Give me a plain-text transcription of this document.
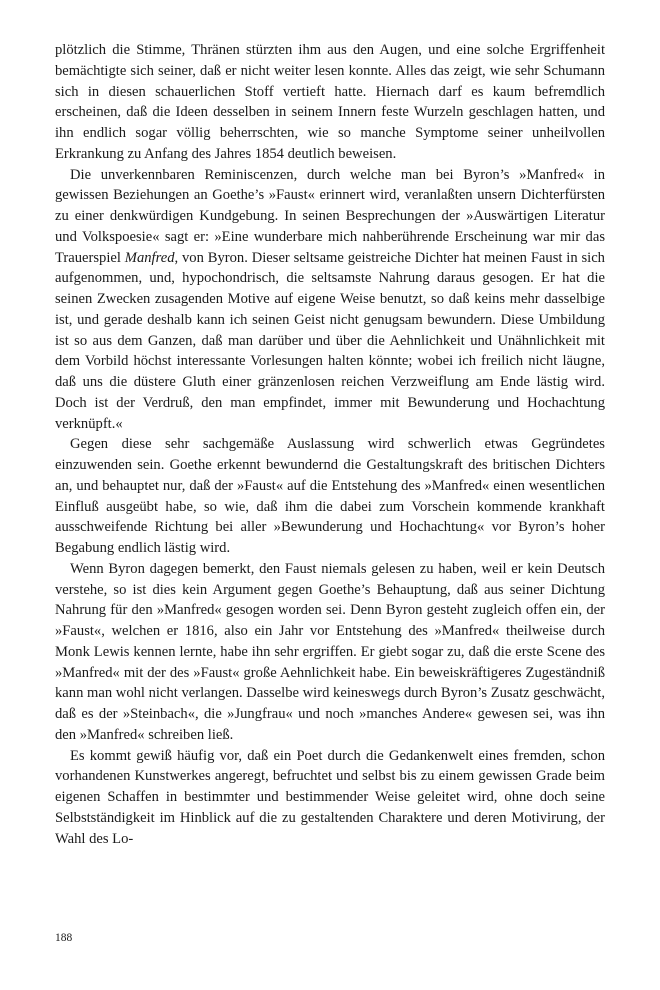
plötzlich die Stimme, Thränen stürzten ihm aus den Augen, und eine solche Ergriffenheit bemächtigte sich seiner, daß er nicht weiter lesen konnte. Alles das zeigt, wie sehr Schumann sich in diesen schauerlichen Stoff vertieft hatte. Hiernach darf es kaum befremdlich erscheinen, daß die Ideen desselben in seinem Innern feste Wurzeln geschlagen hatten, und ihn endlich sogar völlig beherrschten, wie so manche Symptome seiner unheilvollen Erkrankung zu Anfang des Jahres 1854 deutlich beweisen.

Die unverkennbaren Reminiscenzen, durch welche man bei Byron’s »Manfred« in gewissen Beziehungen an Goethe’s »Faust« erinnert wird, veranlaßten unsern Dichterfürsten zu einer denkwürdigen Kundgebung. In seinen Besprechungen der »Auswärtigen Literatur und Volkspoesie« sagt er: »Eine wunderbare mich nahberührende Erscheinung war mir das Trauerspiel Manfred, von Byron. Dieser seltsame geistreiche Dichter hat meinen Faust in sich aufgenommen, und, hypochondrisch, die seltsamste Nahrung daraus gesogen. Er hat die seinen Zwecken zusagenden Motive auf eigene Weise benutzt, so daß keins mehr dasselbige ist, und gerade deshalb kann ich seinen Geist nicht genugsam bewundern. Diese Umbildung ist so aus dem Ganzen, daß man darüber und über die Aehnlichkeit und Unähnlichkeit mit dem Vorbild höchst interessante Vorlesungen halten könnte; wobei ich freilich nicht läugne, daß uns die düstere Gluth einer gränzenlosen reichen Verzweiflung am Ende lästig wird. Doch ist der Verdruß, den man empfindet, immer mit Bewunderung und Hochachtung verknüpft.«

Gegen diese sehr sachgemäße Auslassung wird schwerlich etwas Gegründetes einzuwenden sein. Goethe erkennt bewundernd die Gestaltungskraft des britischen Dichters an, und behauptet nur, daß der »Faust« auf die Entstehung des »Manfred« einen wesentlichen Einfluß ausgeübt habe, so wie, daß ihm die dabei zum Vorschein kommende krankhaft ausschweifende Richtung bei aller »Bewunderung und Hochachtung« vor Byron’s hoher Begabung endlich lästig wird.

Wenn Byron dagegen bemerkt, den Faust niemals gelesen zu haben, weil er kein Deutsch verstehe, so ist dies kein Argument gegen Goethe’s Behauptung, daß aus seiner Dichtung Nahrung für den »Manfred« gesogen worden sei. Denn Byron gesteht zugleich offen ein, der »Faust«, welchen er 1816, also ein Jahr vor Entstehung des »Manfred« theilweise durch Monk Lewis kennen lernte, habe ihn sehr ergriffen. Er giebt sogar zu, daß die erste Scene des »Manfred« mit der des »Faust« große Aehnlichkeit habe. Ein beweiskräftigeres Zugeständniß kann man wohl nicht verlangen. Dasselbe wird keineswegs durch Byron’s Zusatz geschwächt, daß es der »Steinbach«, die »Jungfrau« und noch »manches Andere« gewesen sei, was ihn den »Manfred« schreiben ließ.

Es kommt gewiß häufig vor, daß ein Poet durch die Gedankenwelt eines fremden, schon vorhandenen Kunstwerkes angeregt, befruchtet und selbst bis zu einem gewissen Grade beim eigenen Schaffen in bestimmter und bestimmender Weise geleitet wird, ohne doch seine Selbstständigkeit im Hinblick auf die zu gestaltenden Charaktere und deren Motivirung, der Wahl des Lo-

188
